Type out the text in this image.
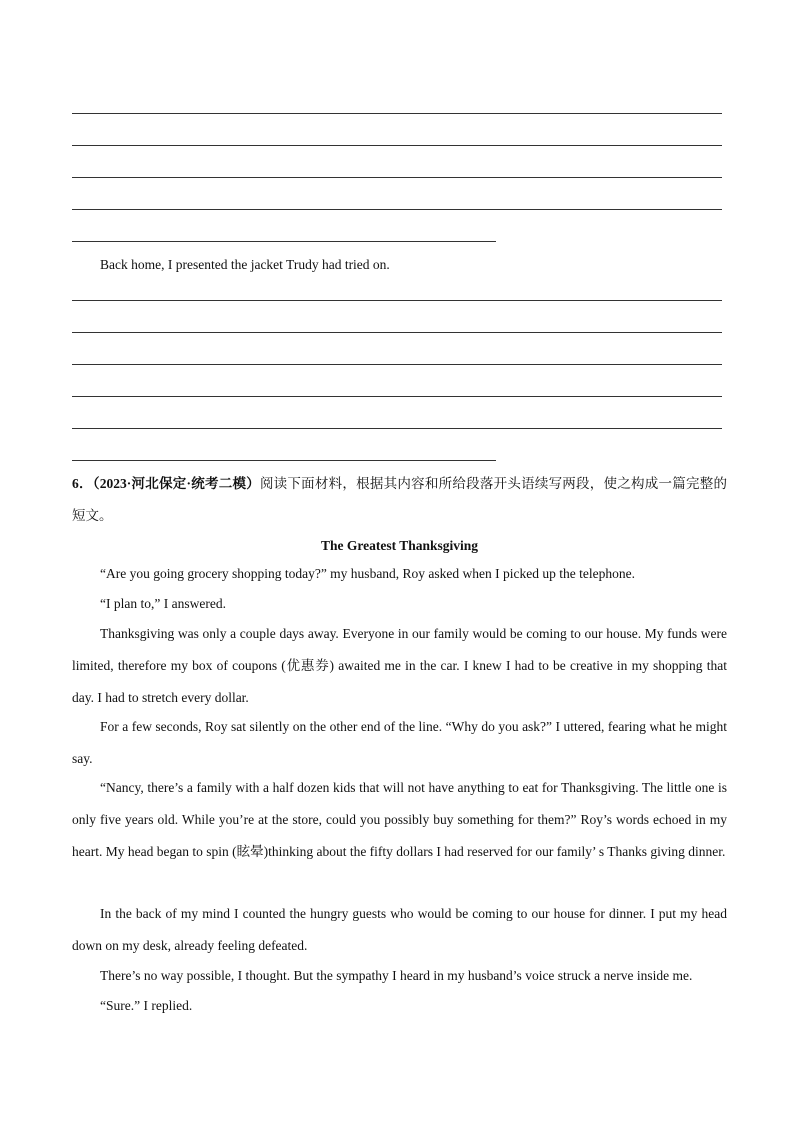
Back home, I presented the jacket Trudy had tried on.

6．（2023·河北保定·统考二模）阅读下面材料，根据其内容和所给段落开头语续写两段，使之构成一篇完整的短文。

The Greatest Thanksgiving

“Are you going grocery shopping today?” my husband, Roy asked when I picked up the telephone.

“I plan to,” I answered.

Thanksgiving was only a couple days away. Everyone in our family would be coming to our house. My funds were limited, therefore my box of coupons (优惠券) awaited me in the car. I knew I had to be creative in my shopping that day. I had to stretch every dollar.

For a few seconds, Roy sat silently on the other end of the line. “Why do you ask?” I uttered, fearing what he might say.

“Nancy, there’s a family with a half dozen kids that will not have anything to eat for Thanksgiving. The little one is only five years old. While you’re at the store, could you possibly buy something for them?” Roy’s words echoed in my heart. My head began to spin (眩晕)thinking about the fifty dollars I had reserved for our family’ s Thanks giving dinner.

In the back of my mind I counted the hungry guests who would be coming to our house for dinner. I put my head down on my desk, already feeling defeated.

There’s no way possible, I thought. But the sympathy I heard in my husband’s voice struck a nerve inside me.

“Sure.” I replied.
